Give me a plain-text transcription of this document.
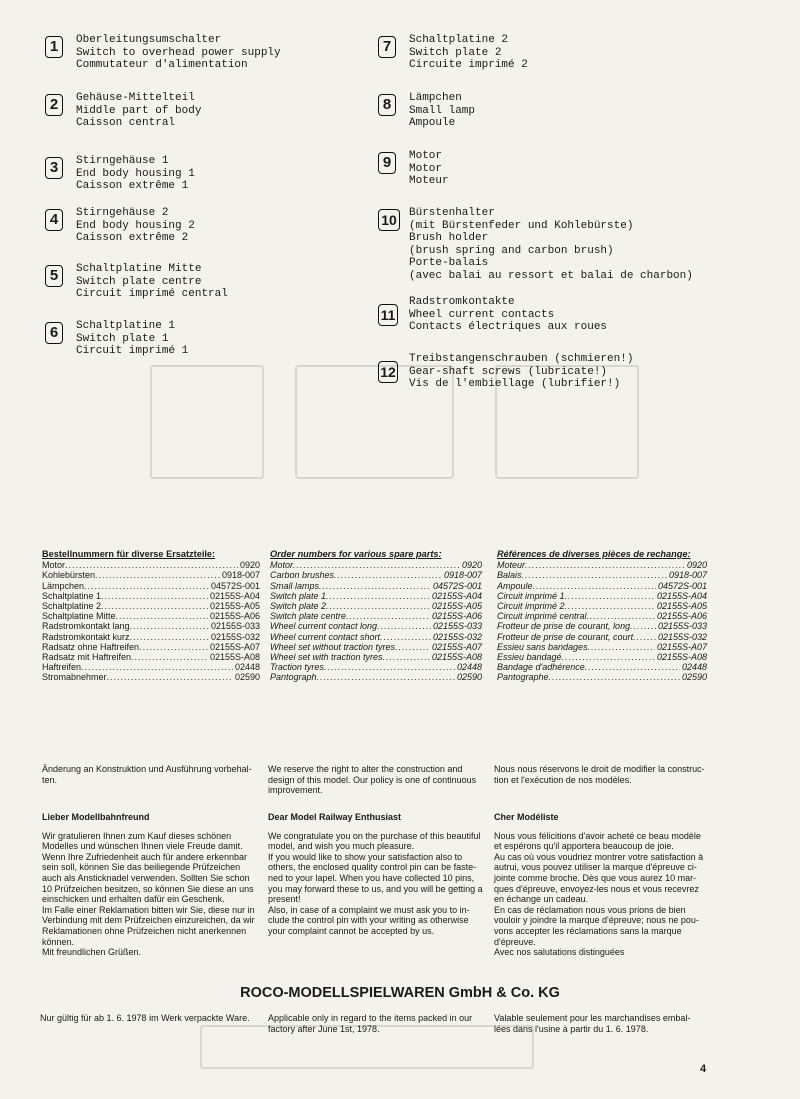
1	Oberleitungsumschalter
Switch to overhead power supply
Commutateur d'alimentation
2	Gehäuse-Mittelteil
Middle part of body
Caisson central
3	Stirngehäuse 1
End body housing 1
Caisson extrême 1
4	Stirngehäuse 2
End body housing 2
Caisson extrême 2
5	Schaltplatine Mitte
Switch plate centre
Circuit imprimé central
6	Schaltplatine 1
Switch plate 1
Circuit imprimé 1
7	Schaltplatine 2
Switch plate 2
Circuite imprimé 2
8	Lämpchen
Small lamp
Ampoule
9	Motor
Motor
Moteur
10 Bürstenhalter
(mit Bürstenfeder und Kohlebürste)
Brush holder
(brush spring and carbon brush)
Porte-balais
(avec balai au ressort et balai de charbon)
11
Radstromkontakte
Wheel current contacts
Contacts électriques aux roues
12
Treibstangenschrauben (schmieren!)
Gear-shaft screws (lubricate!)
Vis de l'embiellage (lubrifier!)
Bestellnummern für diverse Ersatzteile:
Motor .....	0920
Kohlebürsten .....	0918-007
Lämpchen .....	04572S-001
Schaltplatine 1 .....	02155S-A04
Schaltplatine 2 .....	02155S-A05
Schaltplatine Mitte .....	02155S-A06
Radstromkontakt lang .....	02155S-033
Radstromkontakt kurz .....	02155S-032
Radsatz ohne Haftreifen .....	02155S-A07
Radsatz mit Haftreifen .....	02155S-A08
Haftreifen .....	02448
Stromabnehmer .....	02590
Order numbers for various spare parts:
Motor .....	0920
Carbon brushes .....	0918-007
Small lamps .....	04572S-001
Switch plate 1 .....	02155S-A04
Switch plate 2 .....	02155S-A05
Switch plate centre .....	02155S-A06
Wheel current contact long .....	02155S-033
Wheel current contact short .....	02155S-032
Wheel set without traction tyres .....	02155S-A07
Wheel set with traction tyres .....	02155S-A08
Traction tyres .....	02448
Pantograph .....	02590
Références de diverses pièces de rechange:
Moteur .....	0920
Balais .....	0918-007
Ampoule .....	04572S-001
Circuit imprimé 1 .....	02155S-A04
Circuit imprimé 2 .....	02155S-A05
Circuit imprimé central .....	02155S-A06
Frotteur de prise de courant, long .....	02155S-033
Frotteur de prise de courant, court .....	02155S-032
Essieu sans bandages .....	02155S-A07
Essieu bandagé .....	02155S-A08
Bandage d'adhérence .....	02448
Pantographe .....	02590
Änderung an Konstruktion und Ausführung vorbehal-
ten.
We reserve the right to alter the construction and
design of this model. Our policy is one of continuous
improvement.
Nous nous réservons le droit de modifier la construc-
tion et l'exécution de nos modèles.
Lieber Modellbahnfreund
Wir gratulieren Ihnen zum Kauf dieses schönen
Modelles und wünschen Ihnen viele Freude damit.
Wenn Ihre Zufriedenheit auch für andere erkennbar
sein soll, können Sie das beiliegende Prüfzeichen
auch als Ansticknadel verwenden. Sollten Sie schon
10 Prüfzeichen besitzen, so können Sie diese an uns
einschicken und erhalten dafür ein Geschenk.
Im Falle einer Reklamation bitten wir Sie, diese nur in
Verbindung mit dem Prüfzeichen einzureichen, da wir
Reklamationen ohne Prüfzeichen nicht anerkennen
können.
Mit freundlichen Grüßen.
Dear Model Railway Enthusiast
We congratulate you on the purchase of this beautiful
model, and wish you much pleasure.
If you would like to show your satisfaction also to
others, the enclosed quality control pin can be faste-
ned to your lapel. When you have collected 10 pins,
you may forward these to us, and you will be getting a
present!
Also, in case of a complaint we must ask you to in-
clude the control pin with your writing as otherwise
your complaint cannot be accepted by us.
Cher Modéliste
Nous vous félicitions d'avoir acheté ce beau modèle
et espérons qu'il apportera beaucoup de joie.
Au cas où vous voudriez montrer votre satisfaction à
autrui, vous pouvez utiliser la marque d'épreuve ci-
jointe comme broche. Dès que vous aurez 10 mar-
ques d'épreuve, envoyez-les nous et vous recevrez
en échange un cadeau.
En cas de réclamation nous vous prions de bien
vouloir y joindre la marque d'épreuve; nous ne pou-
vons accepter les réclamations sans la marque
d'épreuve.
Avec nos salutations distinguées
ROCO-MODELLSPIELWAREN GmbH & Co. KG
Nur gültig für ab 1. 6. 1978 im Werk verpackte Ware.	Applicable only in regard to the items packed in our
factory after June 1st, 1978.
Valable seulement pour les marchandises embal-
lées dans l'usine à partir du 1. 6. 1978.
4
